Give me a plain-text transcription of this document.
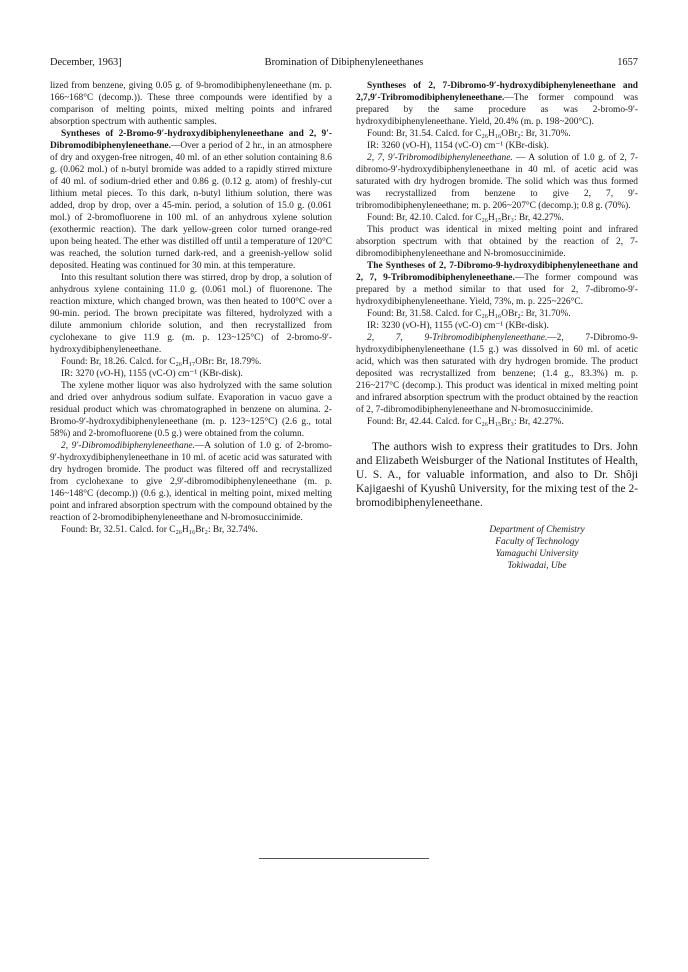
Bromination of Dibiphenyleneethanes
December, 1963]	1657

lized from benzene, giving 0.05 g. of 9-bromodibiphenyleneethane (m. p. 166~168°C (decomp.)). These three compounds were identified by a comparison of melting points, mixed melting points and infrared absorption spectrum with authentic samples.

Syntheses of 2-Bromo-9′-hydroxydibiphenyleneethane and 2, 9′-Dibromodibiphenyleneethane.—Over a period of 2 hr., in an atmosphere of dry and oxygen-free nitrogen, 40 ml. of an ether solution containing 8.6 g. (0.062 mol.) of n-butyl bromide was added to a rapidly stirred mixture of 40 ml. of sodium-dried ether and 0.86 g. (0.12 g. atom) of freshly-cut lithium metal pieces. To this dark, n-butyl lithium solution, there was added, drop by drop, over a 45-min. period, a solution of 15.0 g. (0.061 mol.) of 2-bromofluorene in 100 ml. of an anhydrous xylene solution (exothermic reaction). The dark yellow-green color turned orange-red upon being heated. The ether was distilled off until a temperature of 120°C was reached, the solution turned dark-red, and a greenish-yellow solid deposited. Heating was continued for 30 min. at this temperature.

Into this resultant solution there was stirred, drop by drop, a solution of anhydrous xylene containing 11.0 g. (0.061 mol.) of fluorenone. The reaction mixture, which changed brown, was then heated to 100°C over a 90-min. period. The brown precipitate was filtered, hydrolyzed with a dilute ammonium chloride solution, and then recrystallized from cyclohexane to give 11.9 g. (m. p. 123~125°C) of 2-bromo-9′-hydroxydibiphenyleneethane.

Found: Br, 18.26. Calcd. for C₂₆H₁₇OBr: Br, 18.79%.

IR: 3270 (νO-H), 1155 (νC-O) cm⁻¹ (KBr-disk).

The xylene mother liquor was also hydrolyzed with the same solution and dried over anhydrous sodium sulfate. Evaporation in vacuo gave a residual product which was chromatographed in benzene on alumina. 2-Bromo-9′-hydroxydibiphenyleneethane (m. p. 123~125°C) (2.6 g., total 58%) and 2-bromofluorene (0.5 g.) were obtained from the column.

2, 9′-Dibromodibiphenyleneethane.—A solution of 1.0 g. of 2-bromo-9′-hydroxydibiphenyleneethane in 10 ml. of acetic acid was saturated with dry hydrogen bromide. The product was filtered off and recrystallized from cyclohexane to give 2,9′-dibromodibiphenyleneethane (m. p. 146~148°C (decomp.)) (0.6 g.), identical in melting point, mixed melting point and infrared absorption spectrum with the compound obtained by the reaction of 2-bromodibiphenyleneethane and N-bromosuccinimide.

Found: Br, 32.51. Calcd. for C₂₆H₁₆Br₂: Br, 32.74%.

Syntheses of 2, 7-Dibromo-9′-hydroxydibiphenyleneethane and 2,7,9′-Tribromodibiphenyleneethane.—The former compound was prepared by the same procedure as was 2-bromo-9′-hydroxydibiphenyleneethane. Yield, 20.4% (m. p. 198~200°C).

Found: Br, 31.54. Calcd. for C₂₆H₁₆OBr₂: Br, 31.70%.

IR: 3260 (νO-H), 1154 (νC-O) cm⁻¹ (KBr-disk).

2, 7, 9′-Tribromodibiphenyleneethane. — A solution of 1.0 g. of 2, 7-dibromo-9′-hydroxydibiphenyleneethane in 40 ml. of acetic acid was saturated with dry hydrogen bromide. The solid which was thus formed was recrystallized from benzene to give 2, 7, 9′-tribromodibiphenyleneethane; m. p. 206~207°C (decomp.); 0.8 g. (70%).

Found: Br, 42.10. Calcd. for C₂₆H₁₅Br₃: Br, 42.27%.

This product was identical in mixed melting point and infrared absorption spectrum with that obtained by the reaction of 2, 7-dibromodibiphenyleneethane and N-bromosuccinimide.

The Syntheses of 2, 7-Dibromo-9-hydroxydibiphenyleneethane and 2, 7, 9-Tribromodibiphenyleneethane.—The former compound was prepared by a method similar to that used for 2, 7-dibromo-9′-hydroxydibiphenyleneethane. Yield, 73%, m. p. 225~226°C.

Found: Br, 31.58. Calcd. for C₂₆H₁₆OBr₂: Br, 31.70%.

IR: 3230 (νO-H), 1155 (νC-O) cm⁻¹ (KBr-disk).

2, 7, 9-Tribromodibiphenyleneethane.—2, 7-Dibromo-9-hydroxydibiphenyleneethane (1.5 g.) was dissolved in 60 ml. of acetic acid, which was then saturated with dry hydrogen bromide. The product deposited was recrystallized from benzene; (1.4 g., 83.3%) m. p. 216~217°C (decomp.). This product was identical in mixed melting point and infrared absorption spectrum with the product obtained by the reaction of 2, 7-dibromodibiphenyleneethane and N-bromosuccinimide.

Found: Br, 42.44. Calcd. for C₂₆H₁₅Br₃: Br, 42.27%.

The authors wish to express their gratitudes to Drs. John and Elizabeth Weisburger of the National Institutes of Health, U. S. A., for valuable information, and also to Dr. Shôji Kajigaeshi of Kyushû University, for the mixing test of the 2-bromodibiphenyleneethane.

Department of Chemistry
Faculty of Technology
Yamaguchi University
Tokiwadai, Ube
